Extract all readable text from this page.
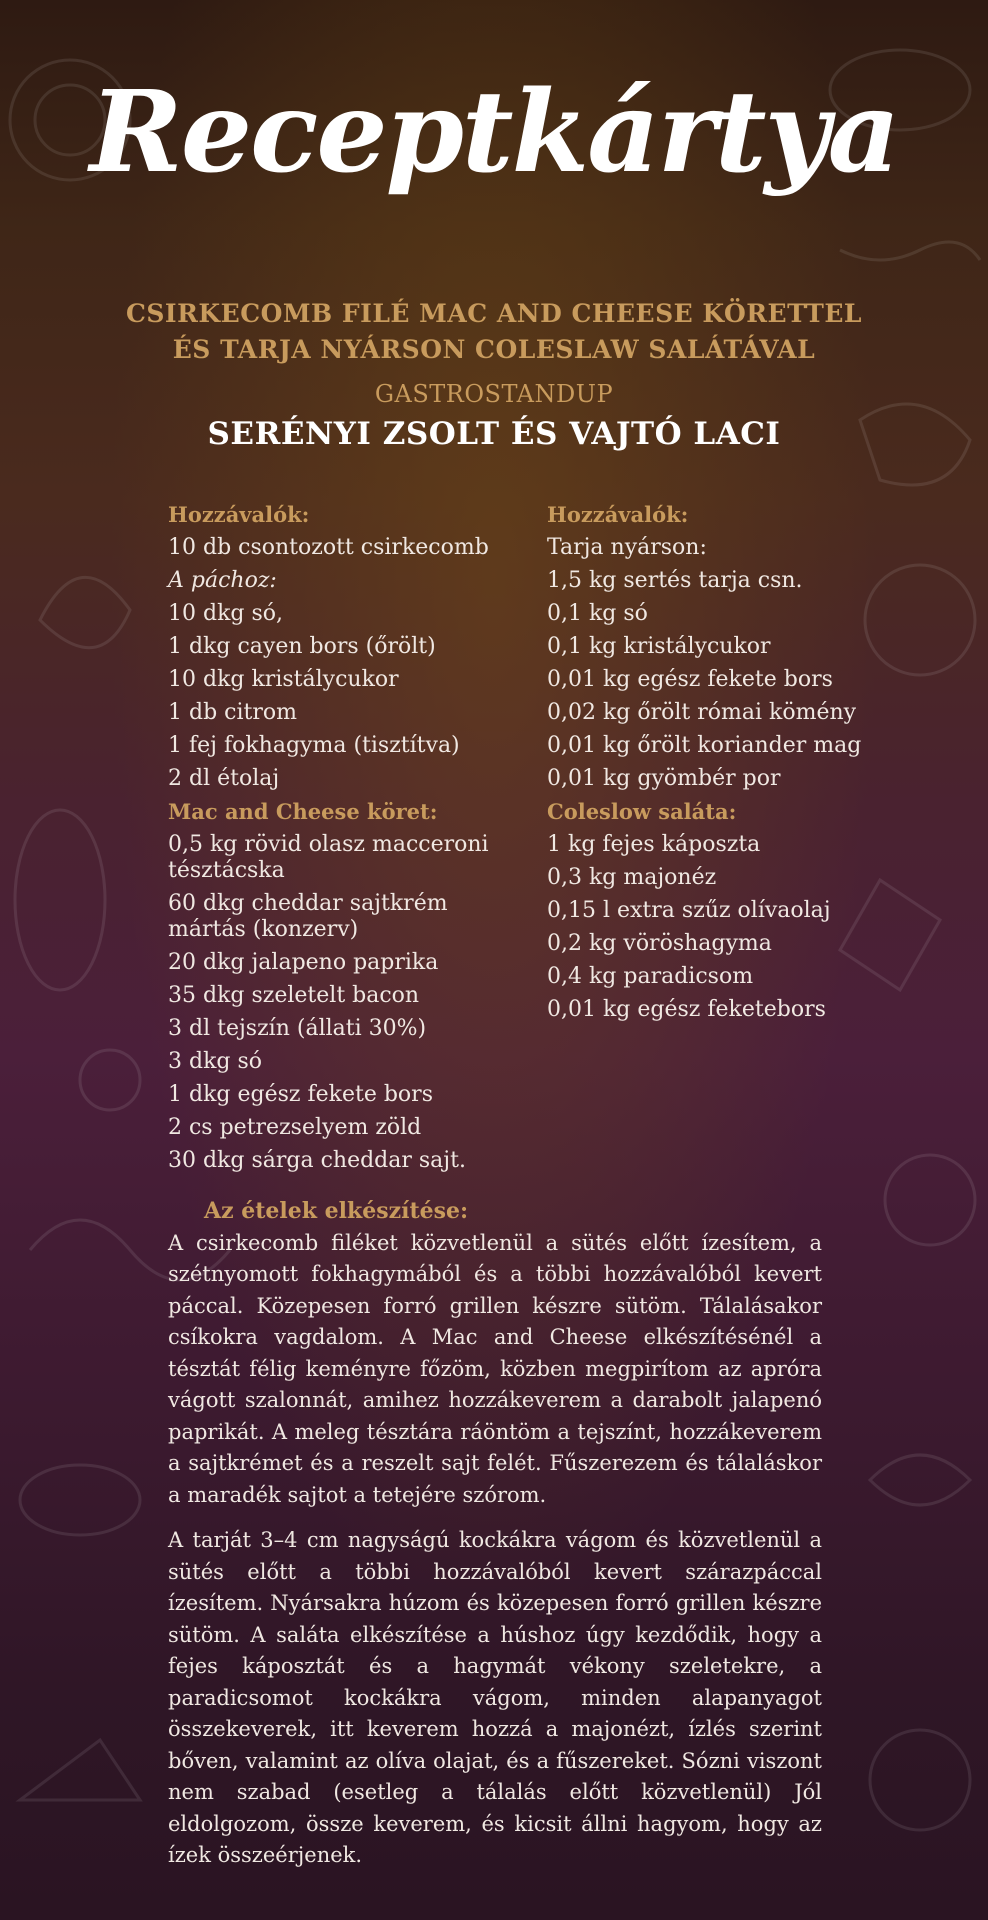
Receptkártya
CSIRKECOMB FILÉ MAC AND CHEESE KÖRETTEL
ÉS TARJA NYÁRSON COLESLAW SALÁTÁVAL
GASTROSTANDUP
SERÉNYI ZSOLT ÉS VAJTÓ LACI
Hozzávalók:
10 db csontozott csirkecomb
A páchoz:
10 dkg só,
1 dkg cayen bors (őrölt)
10 dkg kristálycukor
1 db citrom
1 fej fokhagyma (tisztítva)
2 dl étolaj
Mac and Cheese köret:
0,5 kg rövid olasz macceroni tésztácska
60 dkg cheddar sajtkrém mártás (konzerv)
20 dkg jalapeno paprika
35 dkg szeletelt bacon
3 dl tejszín (állati 30%)
3 dkg só
1 dkg egész fekete bors
2 cs petrezselyem zöld
30 dkg sárga cheddar sajt.
Hozzávalók:
Tarja nyárson:
1,5 kg sertés tarja csn.
0,1 kg só
0,1 kg kristálycukor
0,01 kg egész fekete bors
0,02 kg őrölt római kömény
0,01 kg őrölt koriander mag
0,01 kg gyömbér por
Coleslow saláta:
1 kg fejes káposzta
0,3 kg majonéz
0,15 l extra szűz olívaolaj
0,2 kg vöröshagyma
0,4 kg paradicsom
0,01 kg egész feketebors
Az ételek elkészítése:

A csirkecomb filéket közvetlenül a sütés előtt ízesítem, a szétnyomott fokhagymából és a többi hozzávalóból kevert páccal. Közepesen forró grillen készre sütöm. Tálalásakor csíkokra vagdalom. A Mac and Cheese elkészítésénél a tésztát félig keményre főzöm, közben megpirítom az apróra vágott szalonnát, amihez hozzákeverem a darabolt jalapenó paprikát. A meleg tésztára ráöntöm a tejszínt, hozzákeverem a sajtkrémet és a reszelt sajt felét. Fűszerezem és tálaláskor a maradék sajtot a tetejére szórom.

A tarját 3–4 cm nagyságú kockákra vágom és közvetlenül a sütés előtt a többi hozzávalóból kevert szárazpáccal ízesítem. Nyársakra húzom és közepesen forró grillen készre sütöm. A saláta elkészítése a húshoz úgy kezdődik, hogy a fejes káposztát és a hagymát vékony szeletekre, a paradicsomot kockákra vágom, minden alapanyagot összekeverek, itt keverem hozzá a majonézt, ízlés szerint bőven, valamint az olíva olajat, és a fűszereket. Sózni viszont nem szabad (esetleg a tálalás előtt közvetlenül) Jól eldolgozom, össze keverem, és kicsit állni hagyom, hogy az ízek összeérjenek.
